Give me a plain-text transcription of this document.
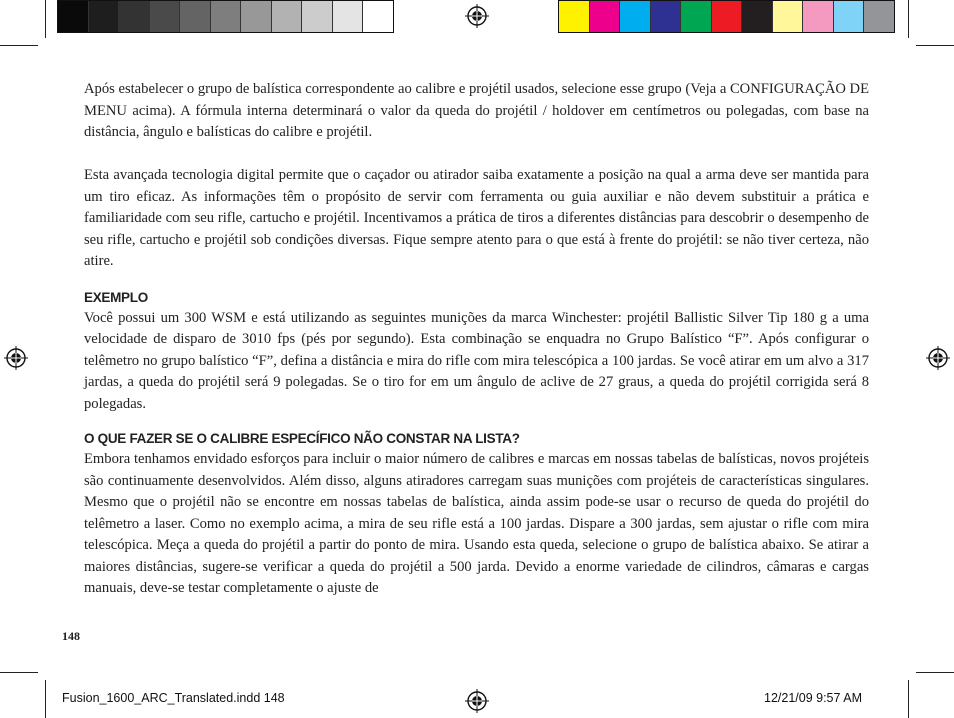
Após estabelecer o grupo de balística correspondente ao calibre e projétil usados, selecione esse grupo (Veja a CONFIGURAÇÃO DE MENU acima). A fórmula interna determinará o valor da queda do projétil / holdover em centímetros ou polegadas, com base na distância, ângulo e balísticas do calibre e projétil.

Esta avançada tecnologia digital permite que o caçador ou atirador saiba exatamente a posição na qual a arma deve ser mantida para um tiro eficaz. As informações têm o propósito de servir com ferramenta ou guia auxiliar e não devem substituir a prática e familiaridade com seu rifle, cartucho e projétil. Incentivamos a prática de tiros a diferentes distâncias para descobrir o desempenho de seu rifle, cartucho e projétil sob condições diversas. Fique sempre atento para o que está à frente do projétil: se não tiver certeza, não atire.

EXEMPLO

Você possui um 300 WSM e está utilizando as seguintes munições da marca Winchester: projétil Ballistic Silver Tip 180 g a uma velocidade de disparo de 3010 fps (pés por segundo). Esta combinação se enquadra no Grupo Balístico “F”. Após configurar o telêmetro no grupo balístico “F”, defina a distância e mira do rifle com mira telescópica a 100 jardas. Se você atirar em um alvo a 317 jardas, a queda do projétil será 9 polegadas. Se o tiro for em um ângulo de aclive de 27 graus, a queda do projétil corrigida será 8 polegadas.

O QUE FAZER SE O CALIBRE ESPECÍFICO NÃO CONSTAR NA LISTA?

Embora tenhamos envidado esforços para incluir o maior número de calibres e marcas em nossas tabelas de balísticas, novos projéteis são continuamente desenvolvidos. Além disso, alguns atiradores carregam suas munições com projéteis de características singulares. Mesmo que o projétil não se encontre em nossas tabelas de balística, ainda assim pode-se usar o recurso de queda do projétil do telêmetro a laser. Como no exemplo acima, a mira de seu rifle está a 100 jardas. Dispare a 300 jardas, sem ajustar o rifle com mira telescópica. Meça a queda do projétil a partir do ponto de mira. Usando esta queda, selecione o grupo de balística abaixo. Se atirar a maiores distâncias, sugere-se verificar a queda do projétil a 500 jarda. Devido a enorme variedade de cilindros, câmaras e cargas manuais, deve-se testar completamente o ajuste de

148
Fusion_1600_ARC_Translated.indd 148	12/21/09 9:57 AM
